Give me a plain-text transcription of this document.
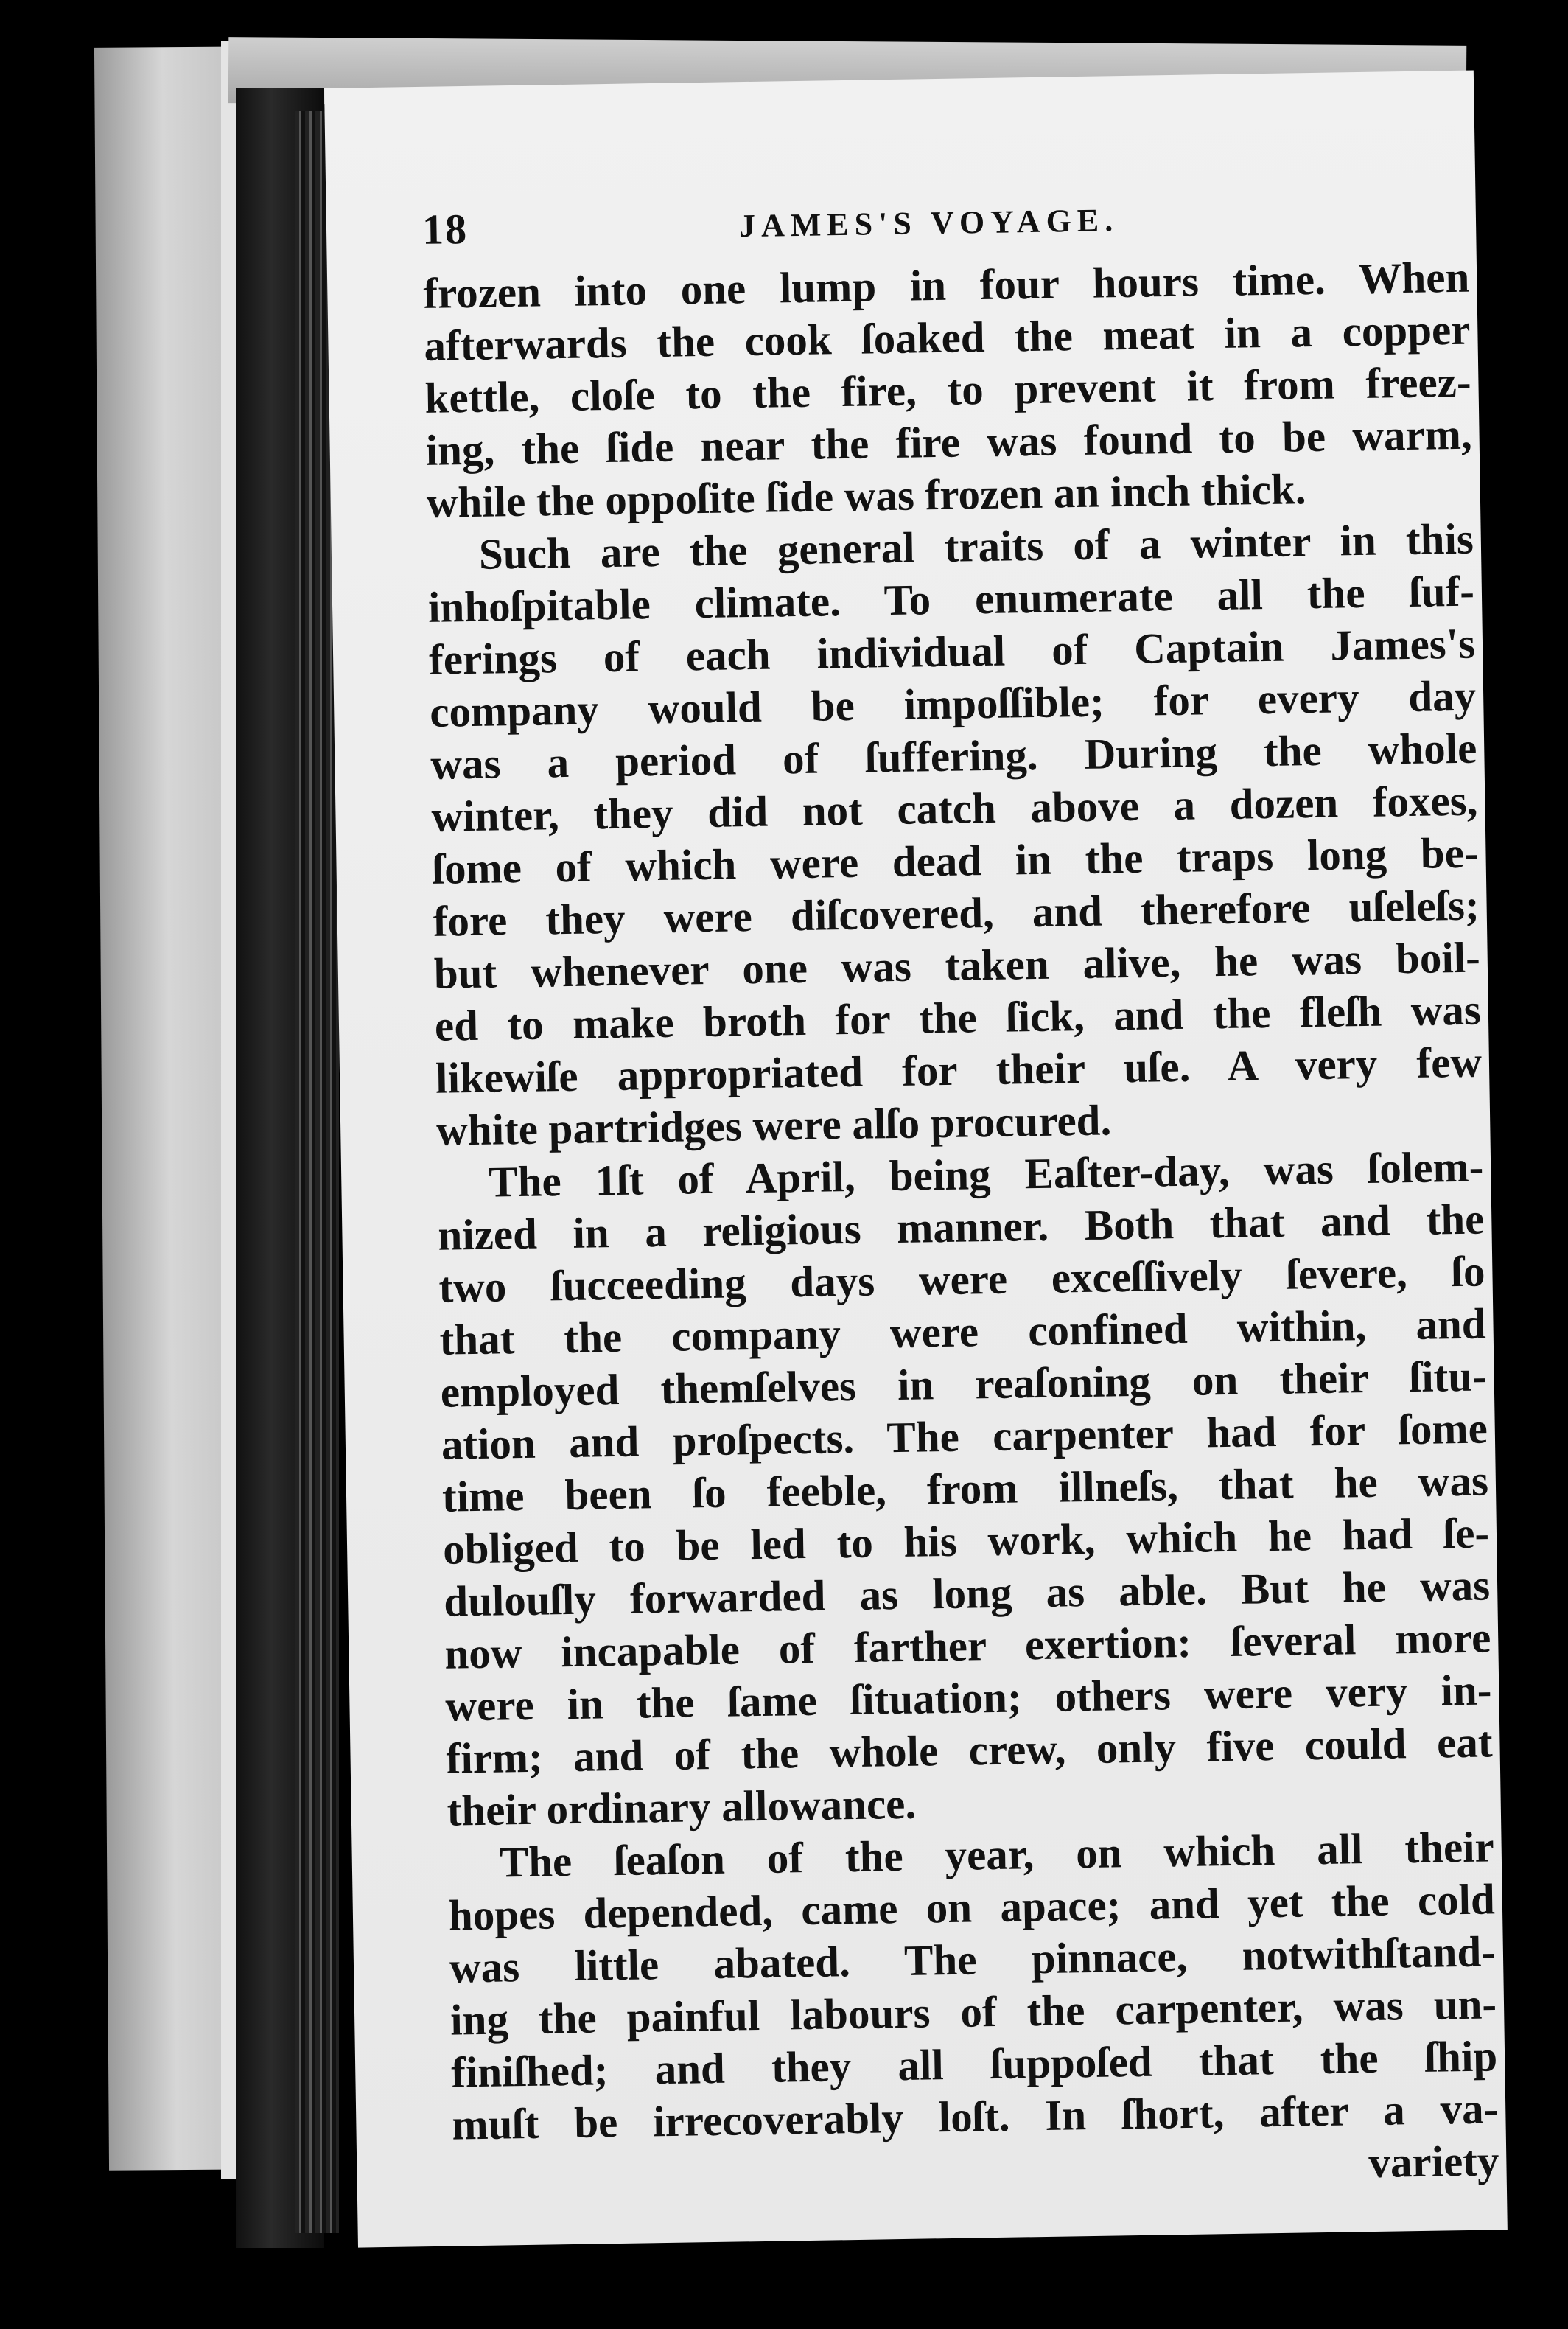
18	JAMES'S VOYAGE.
frozen into one lump in four hours time. When
afterwards the cook ſoaked the meat in a copper
kettle, cloſe to the fire, to prevent it from freez-
ing, the ſide near the fire was found to be warm,
while the oppoſite ſide was frozen an inch thick.
Such are the general traits of a winter in this
inhoſpitable climate. To enumerate all the ſuf-
ferings of each individual of Captain James's
company would be impoſſible; for every day
was a period of ſuffering. During the whole
winter, they did not catch above a dozen foxes,
ſome of which were dead in the traps long be-
fore they were diſcovered, and therefore uſeleſs;
but whenever one was taken alive, he was boil-
ed to make broth for the ſick, and the fleſh was
likewiſe appropriated for their uſe. A very few
white partridges were alſo procured.
The 1ſt of April, being Eaſter-day, was ſolem-
nized in a religious manner. Both that and the
two ſucceeding days were exceſſively ſevere, ſo
that the company were confined within, and
employed themſelves in reaſoning on their ſitu-
ation and proſpects. The carpenter had for ſome
time been ſo feeble, from illneſs, that he was
obliged to be led to his work, which he had ſe-
dulouſly forwarded as long as able. But he was
now incapable of farther exertion: ſeveral more
were in the ſame ſituation; others were very in-
firm; and of the whole crew, only five could eat
their ordinary allowance.
The ſeaſon of the year, on which all their
hopes depended, came on apace; and yet the cold
was little abated. The pinnace, notwithſtand-
ing the painful labours of the carpenter, was un-
finiſhed; and they all ſuppoſed that the ſhip
muſt be irrecoverably loſt. In ſhort, after a va-
variety
